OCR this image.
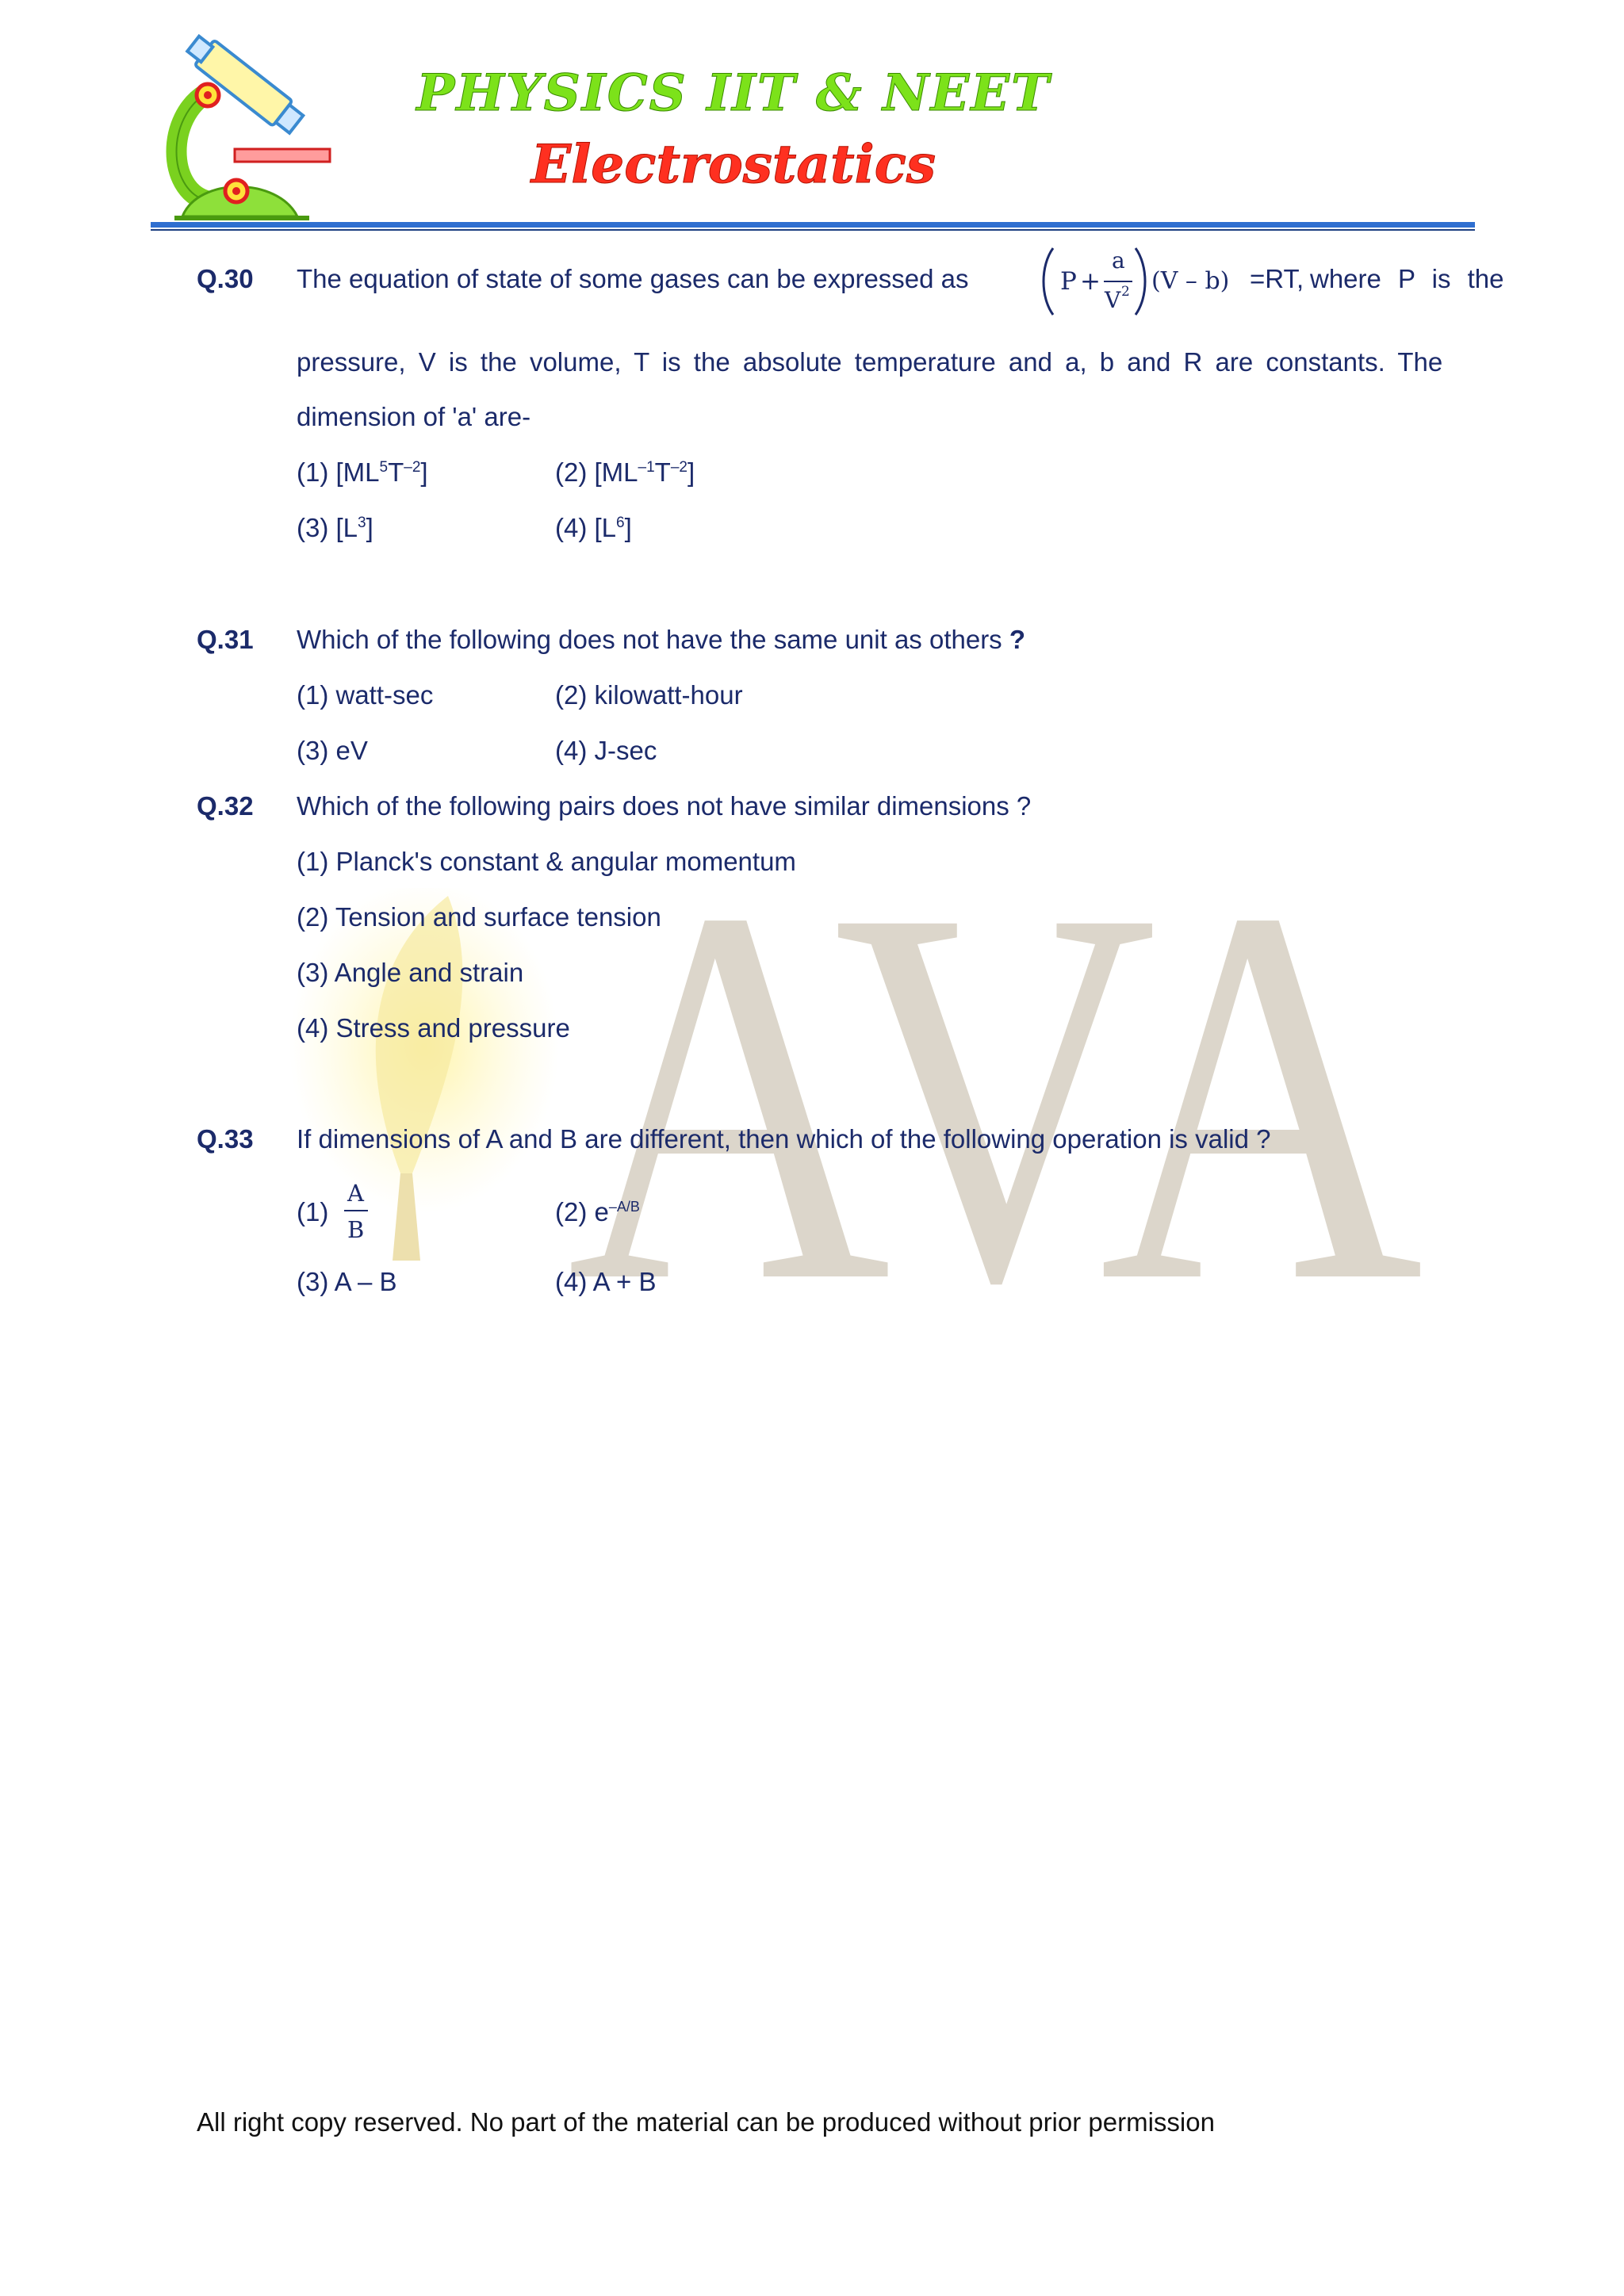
PHYSICS IIT & NEET
Electrostatics
AVA
Q.30 The equation of state of some gases can be expressed as	P +
a
V 2 (V – b) =RT, where P is the
pressure, V is the volume, T is the absolute temperature and a, b and R are constants. The
dimension of 'a' are-
(1) $[ML^5T^{-2}]$	(2) $[ML^{-1}T^{-2}]$
(3) $[L^3]$	(4) $[L^6]$
Q.31 Which of the following does not have the same unit as others ?
(1) watt-sec	(2) kilowatt-hour
(3) eV	(4) J-sec
Q.32 Which of the following pairs does not have similar dimensions ?
(1) Planck's constant & angular momentum
(2) Tension and surface tension
(3) Angle and strain
(4) Stress and pressure
Q.33 If dimensions of A and B are different, then which of the following operation is valid ?
(1)
A
B
(2) $e^{-A/B}$
(3) A – B	(4) A + B
All right copy reserved. No part of the material can be produced without prior permission
